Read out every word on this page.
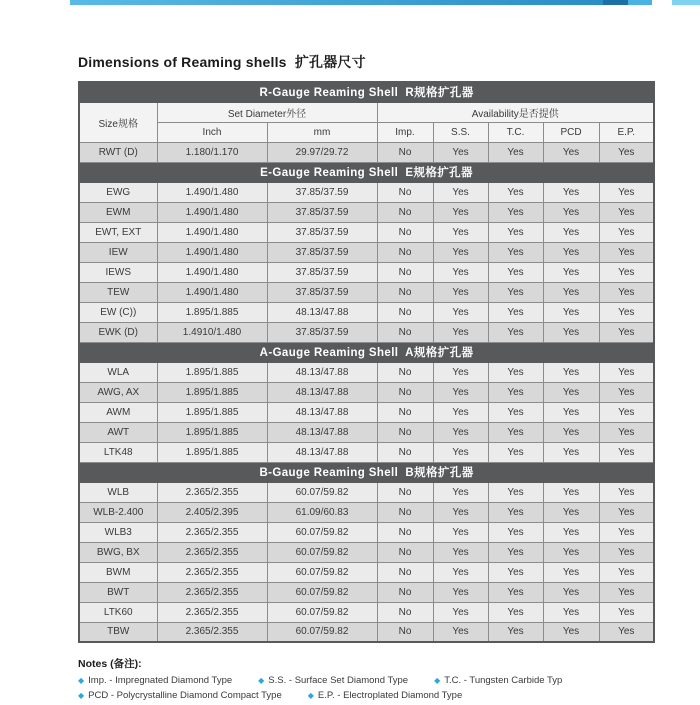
Dimensions of Reaming shells  扩孔器尺寸
R-Gauge Reaming Shell  R规格扩孔器							
Size规格	Set Diameter外径		Availability是否提供				
	Inch	mm	Imp.	S.S.	T.C.	PCD	E.P.
RWT (D)	1.180/1.170	29.97/29.72	No	Yes	Yes	Yes	Yes
E-Gauge Reaming Shell  E规格扩孔器							
EWG	1.490/1.480	37.85/37.59	No	Yes	Yes	Yes	Yes
EWM	1.490/1.480	37.85/37.59	No	Yes	Yes	Yes	Yes
EWT, EXT	1.490/1.480	37.85/37.59	No	Yes	Yes	Yes	Yes
IEW	1.490/1.480	37.85/37.59	No	Yes	Yes	Yes	Yes
IEWS	1.490/1.480	37.85/37.59	No	Yes	Yes	Yes	Yes
TEW	1.490/1.480	37.85/37.59	No	Yes	Yes	Yes	Yes
EW (C))	1.895/1.885	48.13/47.88	No	Yes	Yes	Yes	Yes
EWK (D)	1.4910/1.480	37.85/37.59	No	Yes	Yes	Yes	Yes
A-Gauge Reaming Shell  A规格扩孔器							
WLA	1.895/1.885	48.13/47.88	No	Yes	Yes	Yes	Yes
AWG, AX	1.895/1.885	48.13/47.88	No	Yes	Yes	Yes	Yes
AWM	1.895/1.885	48.13/47.88	No	Yes	Yes	Yes	Yes
AWT	1.895/1.885	48.13/47.88	No	Yes	Yes	Yes	Yes
LTK48	1.895/1.885	48.13/47.88	No	Yes	Yes	Yes	Yes
B-Gauge Reaming Shell  B规格扩孔器							
WLB	2.365/2.355	60.07/59.82	No	Yes	Yes	Yes	Yes
WLB-2.400	2.405/2.395	61.09/60.83	No	Yes	Yes	Yes	Yes
WLB3	2.365/2.355	60.07/59.82	No	Yes	Yes	Yes	Yes
BWG, BX	2.365/2.355	60.07/59.82	No	Yes	Yes	Yes	Yes
BWM	2.365/2.355	60.07/59.82	No	Yes	Yes	Yes	Yes
BWT	2.365/2.355	60.07/59.82	No	Yes	Yes	Yes	Yes
LTK60	2.365/2.355	60.07/59.82	No	Yes	Yes	Yes	Yes
TBW	2.365/2.355	60.07/59.82	No	Yes	Yes	Yes	Yes
Notes (备注):
◆ Imp. - Impregnated Diamond Type	◆ S.S. - Surface Set Diamond Type	◆ T.C. - Tungsten Carbide Typ
◆ PCD - Polycrystalline Diamond Compact Type	◆ E.P. - Electroplated Diamond Type
